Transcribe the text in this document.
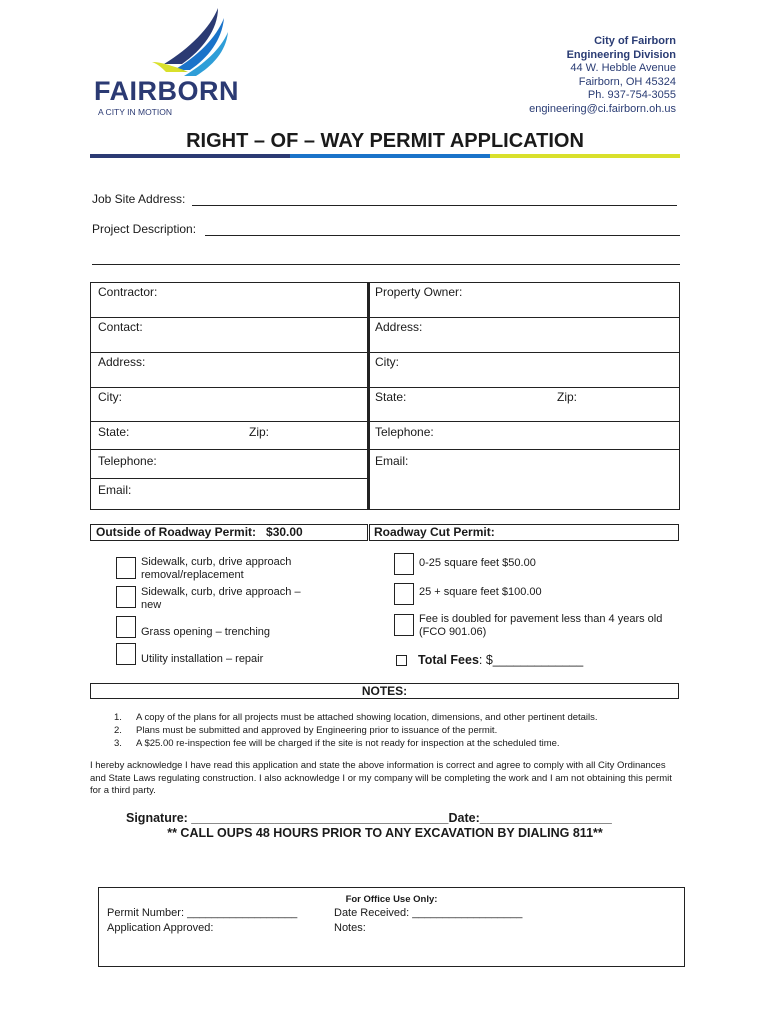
FAIRBORN
A CITY IN MOTION
City of Fairborn
Engineering Division
44 W. Hebble Avenue
Fairborn, OH 45324
Ph. 937-754-3055
engineering@ci.fairborn.oh.us
RIGHT – OF – WAY PERMIT APPLICATION
Job Site Address:
Project Description:
Contractor:
Contact:
Address:
City:
State:	Zip:
Telephone:
Email:
Property Owner:
Address:
City:
State:	Zip:
Telephone:
Email:
Outside of Roadway Permit:   $30.00	Roadway Cut Permit:
Sidewalk, curb, drive approach removal/replacement
Sidewalk, curb, drive approach – new
Grass opening – trenching
Utility installation – repair
0-25 square feet $50.00
25 + square feet $100.00
Fee is doubled for pavement less than 4 years old (FCO 901.06)
Total Fees: $_____________
NOTES:
1. A copy of the plans for all projects must be attached showing location, dimensions, and other pertinent details.
2. Plans must be submitted and approved by Engineering prior to issuance of the permit.
3. A $25.00 re-inspection fee will be charged if the site is not ready for inspection at the scheduled time.
I hereby acknowledge I have read this application and state the above information is correct and agree to comply with all City Ordinances and State Laws regulating construction. I also acknowledge I or my company will be completing the work and I am not obtaining this permit for a third party.
Signature: _____________________________________Date:___________________
** CALL OUPS 48 HOURS PRIOR TO ANY EXCAVATION BY DIALING 811**
For Office Use Only:
Permit Number: __________________
Application Approved:
Date Received: __________________
Notes:
